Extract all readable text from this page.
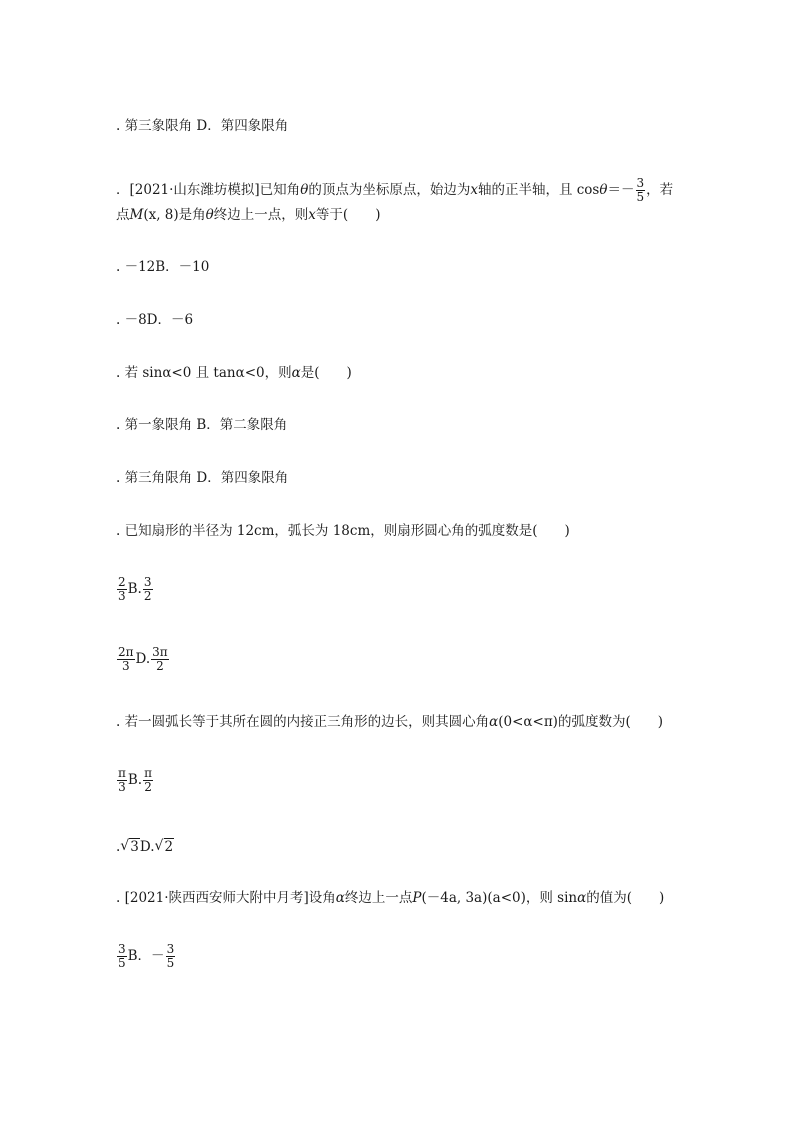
. 第三象限角 D．第四象限角
．[2021·山东潍坊模拟]已知角θ的顶点为坐标原点，始边为x轴的正半轴，且 $\cos\theta=- \frac{3}{5}$ ，若
点M(x, 8)是角θ终边上一点，则x等于(　　)
. －12B．－10
. －8D．－6
. 若 sinα<0 且 tanα<0，则α是(　　)
. 第一象限角 B．第二象限角
. 第三角限角 D．第四象限角
. 已知扇形的半径为 12cm，弧长为 18cm，则扇形圆心角的弧度数是(　　)
$\frac{2}{3} B$. $\frac{3}{2}$
$\frac{2\pi}{3} D$. $\frac{3\pi}{2}$
. 若一圆弧长等于其所在圆的内接正三角形的边长，则其圆心角α(0<α<π)的弧度数为(　　)
$\frac{\pi}{3} B$. $\frac{\pi}{2}$
. √ 3D. √ 2
. [2021·陕西西安师大附中月考]设角α终边上一点P(－4a, 3a)(a<0)，则 sinα的值为(　　)
$\frac{3}{5}$ B．－ $\frac{3}{5}$
